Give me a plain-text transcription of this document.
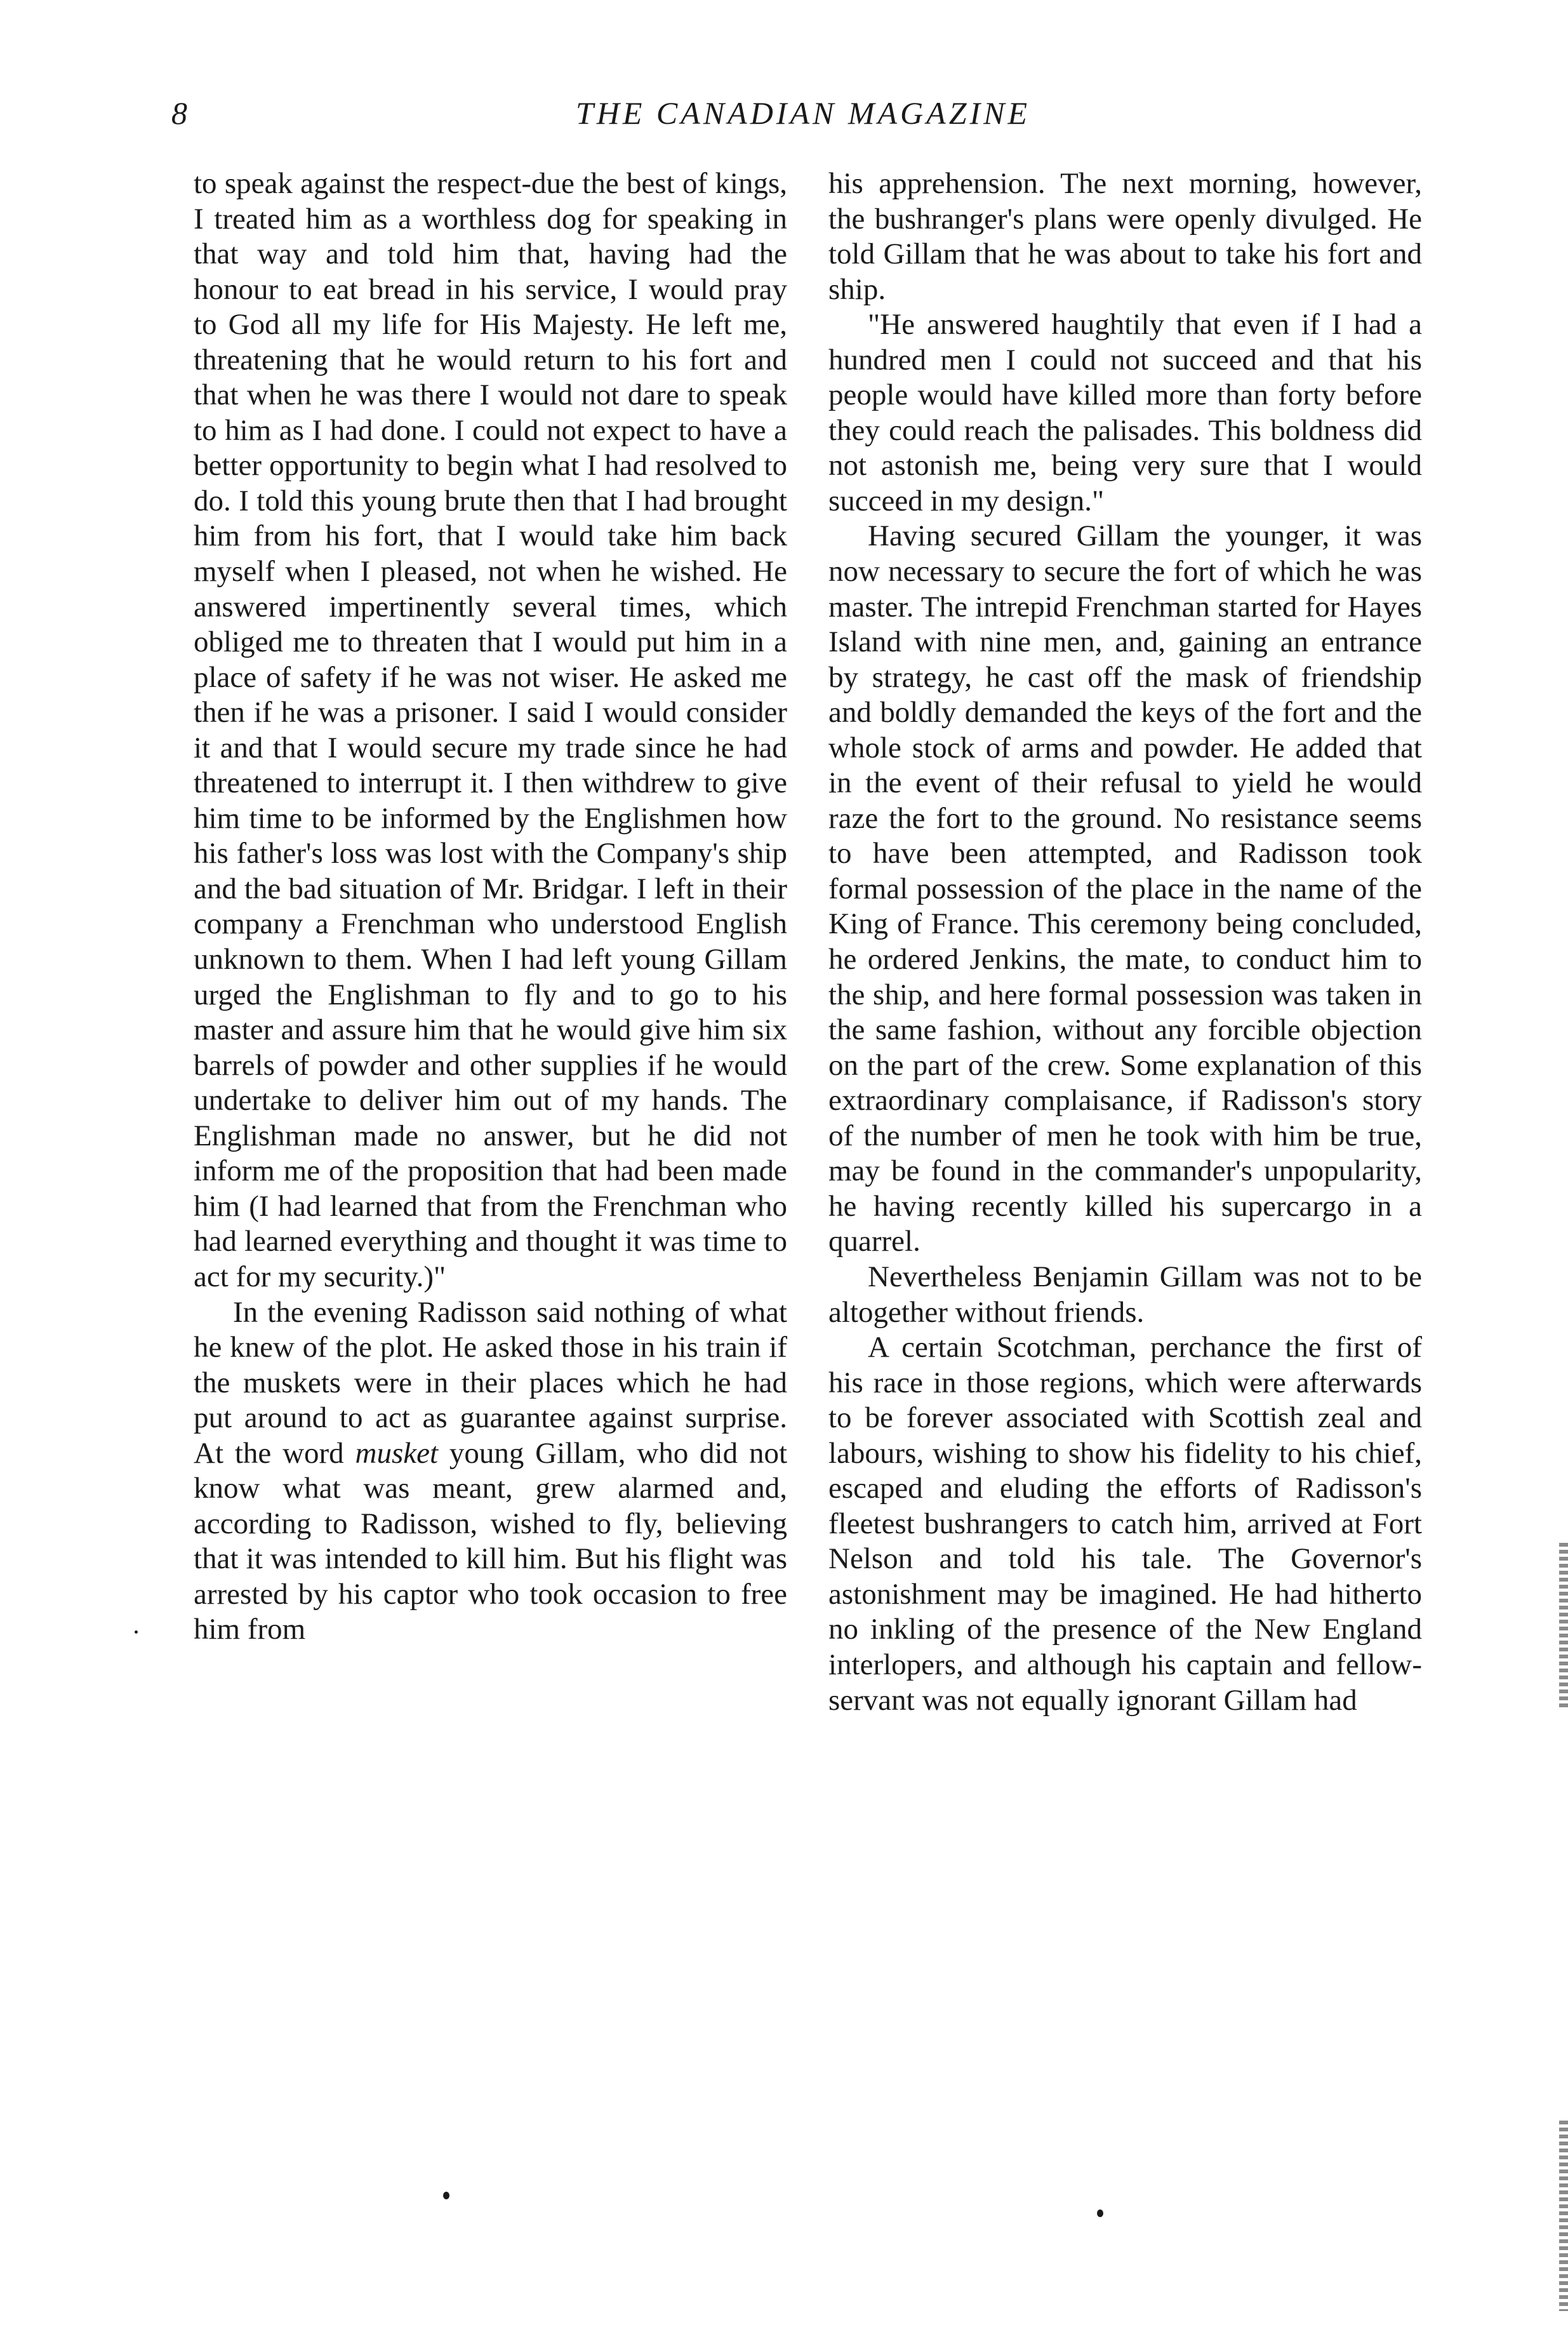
8	THE CANADIAN MAGAZINE

to speak against the respect-due the best of kings, I treated him as a worthless dog for speaking in that way and told him that, having had the honour to eat bread in his service, I would pray to God all my life for His Majesty. He left me, threatening that he would return to his fort and that when he was there I would not dare to speak to him as I had done. I could not expect to have a better opportunity to begin what I had resolved to do. I told this young brute then that I had brought him from his fort, that I would take him back myself when I pleased, not when he wished. He answered impertinently several times, which obliged me to threaten that I would put him in a place of safety if he was not wiser. He asked me then if he was a prisoner. I said I would consider it and that I would secure my trade since he had threatened to interrupt it. I then withdrew to give him time to be informed by the Englishmen how his father's loss was lost with the Company's ship and the bad situation of Mr. Bridgar. I left in their company a Frenchman who understood English unknown to them. When I had left young Gillam urged the Englishman to fly and to go to his master and assure him that he would give him six barrels of powder and other supplies if he would undertake to deliver him out of my hands. The Englishman made no answer, but he did not inform me of the proposition that had been made him (I had learned that from the Frenchman who had learned everything and thought it was time to act for my security.)"

In the evening Radisson said nothing of what he knew of the plot. He asked those in his train if the muskets were in their places which he had put around to act as guarantee against surprise. At the word musket young Gillam, who did not know what was meant, grew alarmed and, according to Radisson, wished to fly, believing that it was intended to kill him. But his flight was arrested by his captor who took occasion to free him from

his apprehension. The next morning, however, the bushranger's plans were openly divulged. He told Gillam that he was about to take his fort and ship.

"He answered haughtily that even if I had a hundred men I could not succeed and that his people would have killed more than forty before they could reach the palisades. This boldness did not astonish me, being very sure that I would succeed in my design."

Having secured Gillam the younger, it was now necessary to secure the fort of which he was master. The intrepid Frenchman started for Hayes Island with nine men, and, gaining an entrance by strategy, he cast off the mask of friendship and boldly demanded the keys of the fort and the whole stock of arms and powder. He added that in the event of their refusal to yield he would raze the fort to the ground. No resistance seems to have been attempted, and Radisson took formal possession of the place in the name of the King of France. This ceremony being concluded, he ordered Jenkins, the mate, to conduct him to the ship, and here formal possession was taken in the same fashion, without any forcible objection on the part of the crew. Some explanation of this extraordinary complaisance, if Radisson's story of the number of men he took with him be true, may be found in the commander's unpopularity, he having recently killed his supercargo in a quarrel.

Nevertheless Benjamin Gillam was not to be altogether without friends.

A certain Scotchman, perchance the first of his race in those regions, which were afterwards to be forever associated with Scottish zeal and labours, wishing to show his fidelity to his chief, escaped and eluding the efforts of Radisson's fleetest bushrangers to catch him, arrived at Fort Nelson and told his tale. The Governor's astonishment may be imagined. He had hitherto no inkling of the presence of the New England interlopers, and although his captain and fellow-servant was not equally ignorant Gillam had
